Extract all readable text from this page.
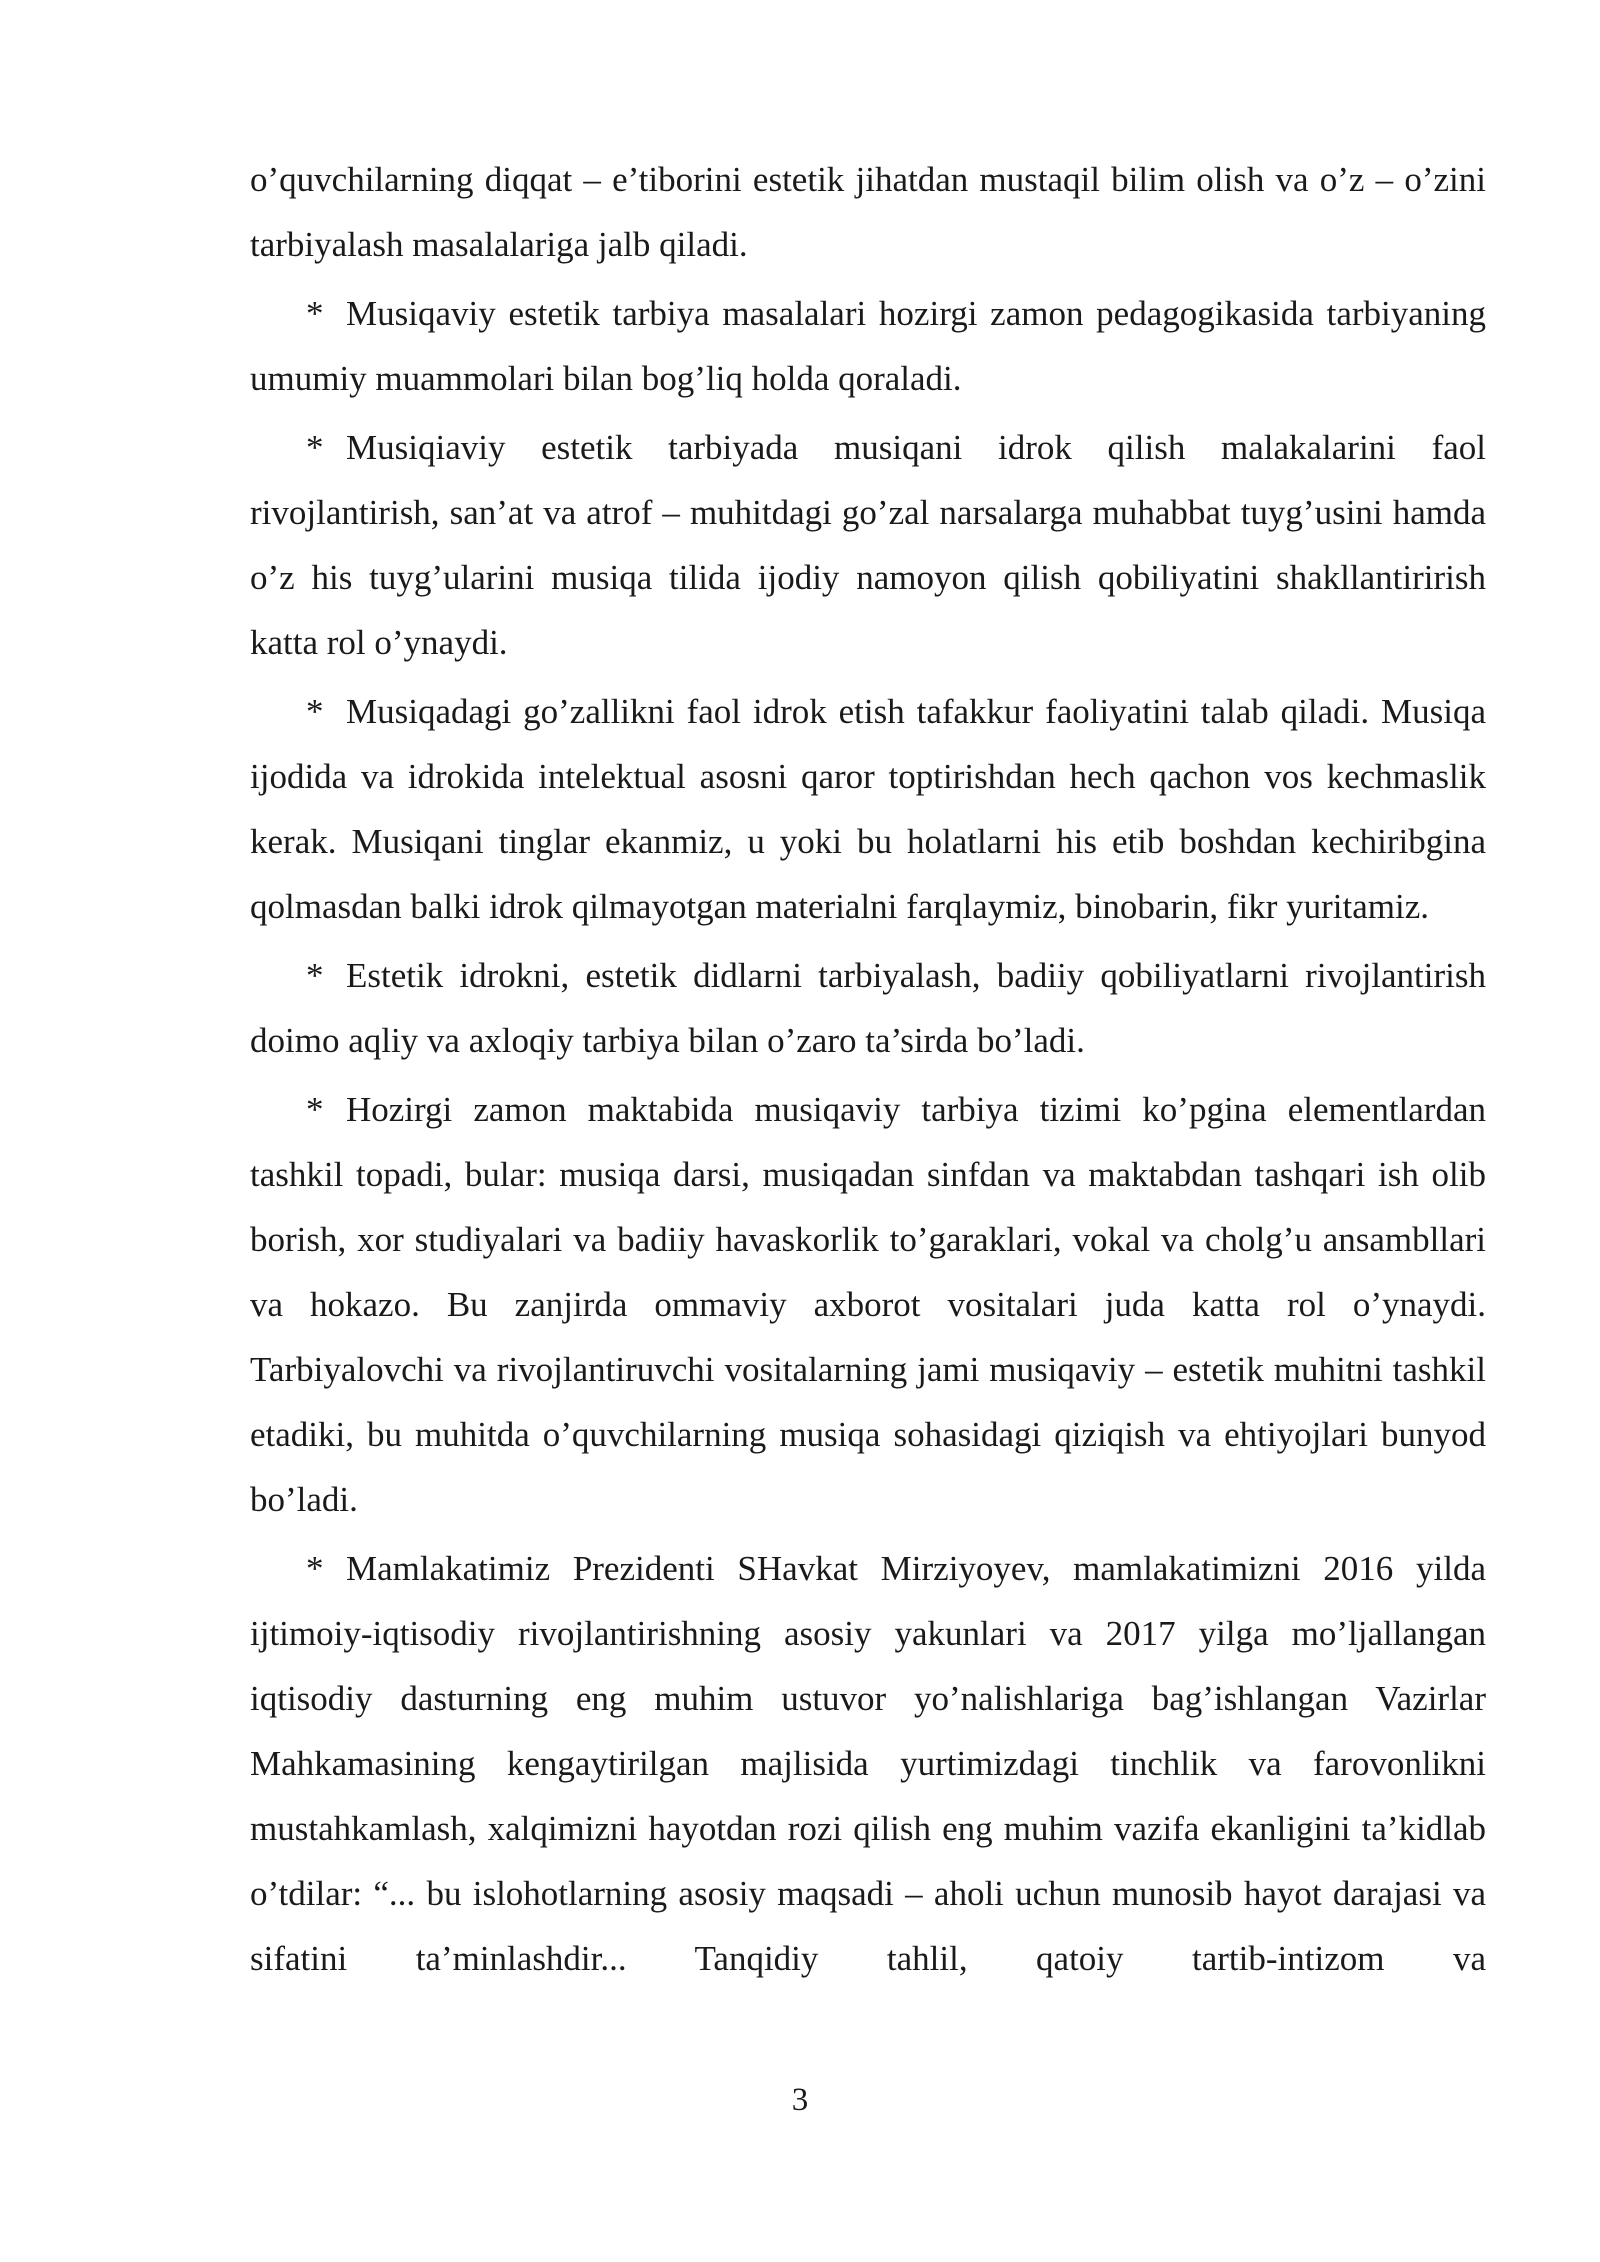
o’quvchilarning diqqat – e’tiborini estetik jihatdan mustaqil bilim olish va o’z – o’zini tarbiyalash masalalariga jalb qiladi.

* Musiqaviy estetik tarbiya masalalari hozirgi zamon pedagogikasida tarbiyaning umumiy muammolari bilan bog’liq holda qoraladi.

* Musiqiaviy estetik tarbiyada musiqani idrok qilish malakalarini faol rivojlantirish, san’at va atrof – muhitdagi go’zal narsalarga muhabbat tuyg’usini hamda o’z his tuyg’ularini musiqa tilida ijodiy namoyon qilish qobiliyatini shakllantirirish katta rol o’ynaydi.

* Musiqadagi go’zallikni faol idrok etish tafakkur faoliyatini talab qiladi. Musiqa ijodida va idrokida intelektual asosni qaror toptirishdan hech qachon vos kechmaslik kerak. Musiqani tinglar ekanmiz, u yoki bu holatlarni his etib boshdan kechiribgina qolmasdan balki idrok qilmayotgan materialni farqlaymiz, binobarin, fikr yuritamiz.

* Estetik idrokni, estetik didlarni tarbiyalash, badiiy qobiliyatlarni rivojlantirish doimo aqliy va axloqiy tarbiya bilan o’zaro ta’sirda bo’ladi.

* Hozirgi zamon maktabida musiqaviy tarbiya tizimi ko’pgina elementlardan tashkil topadi, bular: musiqa darsi, musiqadan sinfdan va maktabdan tashqari ish olib borish, xor studiyalari va badiiy havaskorlik to’garaklari, vokal va cholg’u ansambllari va hokazo. Bu zanjirda ommaviy axborot vositalari juda katta rol o’ynaydi. Tarbiyalovchi va rivojlantiruvchi vositalarning jami musiqaviy – estetik muhitni tashkil etadiki, bu muhitda o’quvchilarning musiqa sohasidagi qiziqish va ehtiyojlari bunyod bo’ladi.

* Mamlakatimiz Prezidenti SHavkat Mirziyoyev, mamlakatimizni 2016 yilda ijtimoiy-iqtisodiy rivojlantirishning asosiy yakunlari va 2017 yilga mo’ljallangan iqtisodiy dasturning eng muhim ustuvor yo’nalishlariga bag’ishlangan Vazirlar Mahkamasining kengaytirilgan majlisida yurtimizdagi tinchlik va farovonlikni mustahkamlash, xalqimizni hayotdan rozi qilish eng muhim vazifa ekanligini ta’kidlab o’tdilar: “... bu islohotlarning asosiy maqsadi – aholi uchun munosib hayot darajasi va sifatini ta’minlashdir... Tanqidiy tahlil, qatoiy tartib-intizom va

3
